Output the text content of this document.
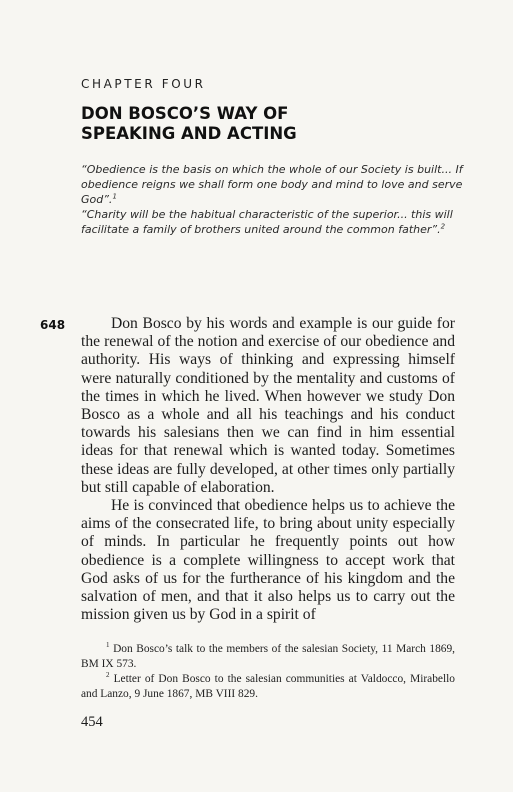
CHAPTER FOUR
DON BOSCO’S WAY OF
SPEAKING AND ACTING
“Obedience is the basis on which the whole of our Society is built... If obedience reigns we shall form one body and mind to love and serve God”.$^1$
“Charity will be the habitual characteristic of the superior... this will facilitate a family of brothers united around the common father”.$^2$
648	Don Bosco by his words and example is our guide for the renewal of the notion and exercise of our obedience and authority. His ways of thinking and expressing himself were naturally conditioned by the mentality and customs of the times in which he lived. When however we study Don Bosco as a whole and all his teachings and his conduct towards his salesians then we can find in him essential ideas for that renewal which is wanted today. Sometimes these ideas are fully developed, at other times only partially but still capable of elaboration.

He is convinced that obedience helps us to achieve the aims of the consecrated life, to bring about unity especially of minds. In particular he frequently points out how obedience is a complete willingness to accept work that God asks of us for the furtherance of his kingdom and the salvation of men, and that it also helps us to carry out the mission given us by God in a spirit of

$^1$ Don Bosco’s talk to the members of the salesian Society, 11 March 1869, BM IX 573.

$^2$ Letter of Don Bosco to the salesian communities at Valdocco, Mirabello and Lanzo, 9 June 1867, MB VIII 829.

454
